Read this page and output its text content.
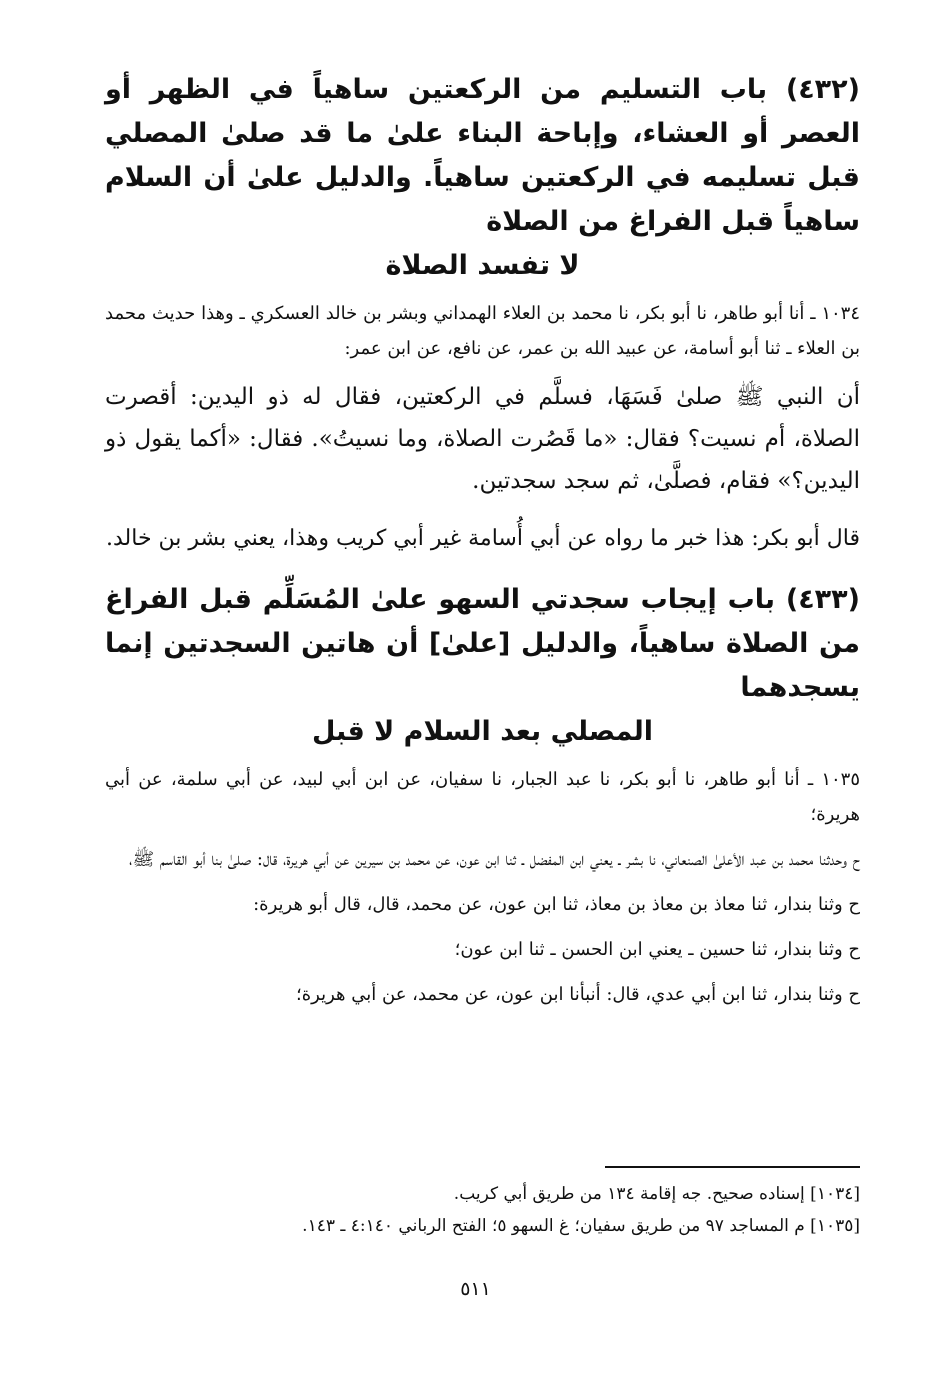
(٤٣٢) باب التسليم من الركعتين ساهياً في الظهر أو العصر أو العشاء، وإباحة البناء علىٰ ما قد صلىٰ المصلي قبل تسليمه في الركعتين ساهياً. والدليل علىٰ أن السلام ساهياً قبل الفراغ من الصلاة
لا تفسد الصلاة

١٠٣٤ ـ أنا أبو طاهر، نا أبو بكر، نا محمد بن العلاء الهمداني وبشر بن خالد العسكري ـ وهذا حديث محمد بن العلاء ـ ثنا أبو أسامة، عن عبيد الله بن عمر، عن نافع، عن ابن عمر:

أن النبي ﷺ صلىٰ فَسَهَا، فسلَّم في الركعتين، فقال له ذو اليدين: أقصرت الصلاة، أم نسيت؟ فقال: «ما قَصُرت الصلاة، وما نسيتُ». فقال: «أكما يقول ذو اليدين؟» فقام، فصلَّىٰ، ثم سجد سجدتين.

قال أبو بكر: هذا خبر ما رواه عن أبي أُسامة غير أبي كريب وهذا، يعني بشر بن خالد.

(٤٣٣) باب إيجاب سجدتي السهو علىٰ المُسَلِّم قبل الفراغ من الصلاة ساهياً، والدليل [علىٰ] أن هاتين السجدتين إنما يسجدهما
المصلي بعد السلام لا قبل

١٠٣٥ ـ أنا أبو طاهر، نا أبو بكر، نا عبد الجبار، نا سفيان، عن ابن أبي لبيد، عن أبي سلمة، عن أبي هريرة؛

ح وحدثنا محمد بن عبد الأعلىٰ الصنعاني، نا بشر ـ يعني ابن المفضل ـ ثنا ابن عون، عن محمد بن سيرين عن أبي هريرة، قال: صلىٰ بنا أبو القاسم ﷺ،

ح وثنا بندار، ثنا معاذ بن معاذ بن معاذ، ثنا ابن عون، عن محمد، قال، قال أبو هريرة:

ح وثنا بندار، ثنا حسين ـ يعني ابن الحسن ـ ثنا ابن عون؛

ح وثنا بندار، ثنا ابن أبي عدي، قال: أنبأنا ابن عون، عن محمد، عن أبي هريرة؛

[١٠٣٤] إسناده صحيح. جه إقامة ١٣٤ من طريق أبي كريب.

[١٠٣٥] م المساجد ٩٧ من طريق سفيان؛ غ السهو ٥؛ الفتح الرباني ٤:١٤٠ ـ ١٤٣.

٥١١
